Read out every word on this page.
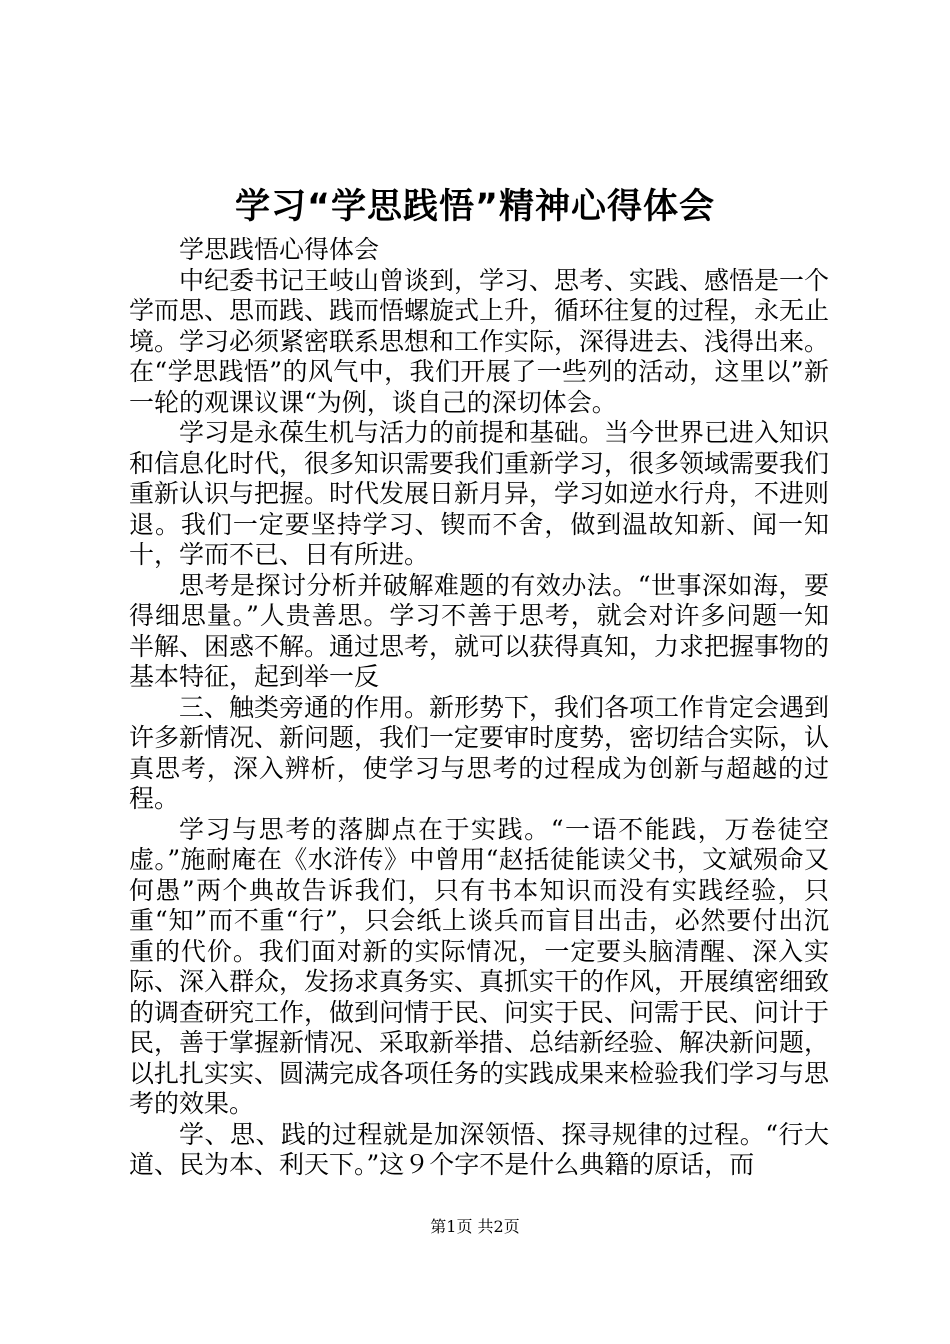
学习“学思践悟”精神心得体会

学思践悟心得体会

中纪委书记王岐山曾谈到，学习、思考、实践、感悟是一个学而思、思而践、践而悟螺旋式上升，循环往复的过程，永无止境。学习必须紧密联系思想和工作实际，深得进去、浅得出来。在“学思践悟”的风气中，我们开展了一些列的活动，这里以”新一轮的观课议课“为例，谈自己的深切体会。

学习是永葆生机与活力的前提和基础。当今世界已进入知识和信息化时代，很多知识需要我们重新学习，很多领域需要我们重新认识与把握。时代发展日新月异，学习如逆水行舟，不进则退。我们一定要坚持学习、锲而不舍，做到温故知新、闻一知十，学而不已、日有所进。

思考是探讨分析并破解难题的有效办法。“世事深如海，要得细思量。”人贵善思。学习不善于思考，就会对许多问题一知半解、困惑不解。通过思考，就可以获得真知，力求把握事物的基本特征，起到举一反

三、触类旁通的作用。新形势下，我们各项工作肯定会遇到许多新情况、新问题，我们一定要审时度势，密切结合实际，认真思考，深入辨析，使学习与思考的过程成为创新与超越的过程。

学习与思考的落脚点在于实践。“一语不能践，万卷徒空虚。”施耐庵在《水浒传》中曾用“赵括徒能读父书，文斌殒命又何愚”两个典故告诉我们，只有书本知识而没有实践经验，只重“知”而不重“行”，只会纸上谈兵而盲目出击，必然要付出沉重的代价。我们面对新的实际情况，一定要头脑清醒、深入实际、深入群众，发扬求真务实、真抓实干的作风，开展缜密细致的调查研究工作，做到问情于民、问实于民、问需于民、问计于民，善于掌握新情况、采取新举措、总结新经验、解决新问题，以扎扎实实、圆满完成各项任务的实践成果来检验我们学习与思考的效果。

学、思、践的过程就是加深领悟、探寻规律的过程。“行大道、民为本、利天下。”这９个字不是什么典籍的原话，而

第1页 共2页
